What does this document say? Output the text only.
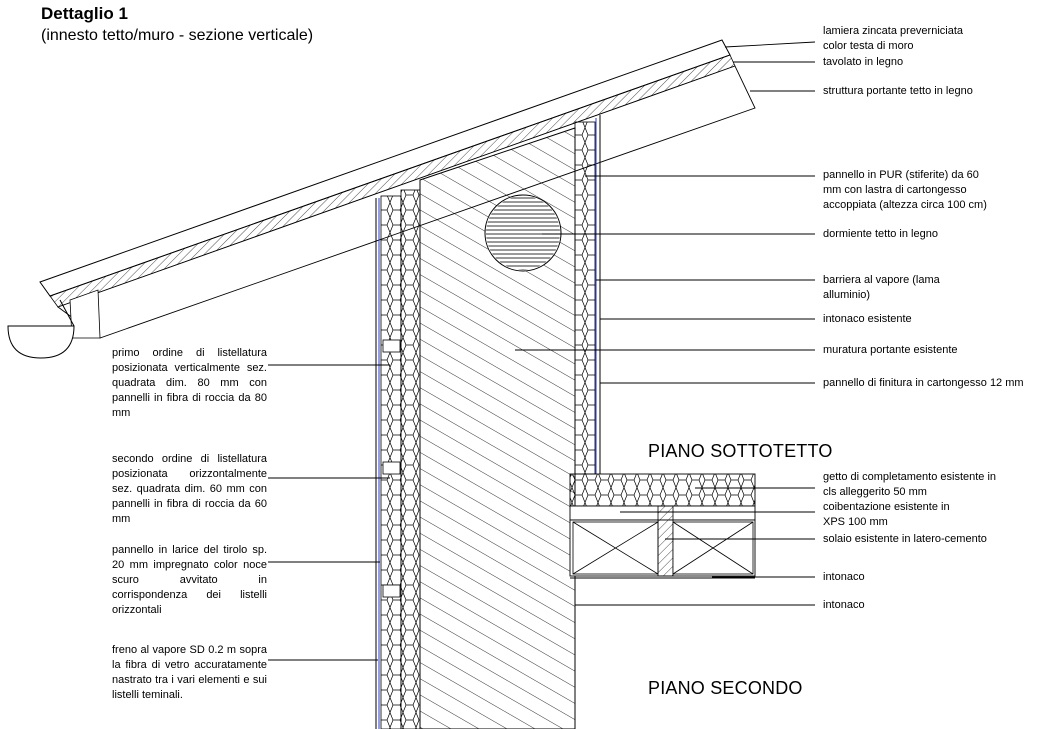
Dettaglio 1
(innesto tetto/muro - sezione verticale)	lamiera zincata preverniciata
color testa di moro
tavolato in legno
struttura portante tetto in legno
pannello in PUR (stiferite) da 60
mm con lastra di cartongesso
accoppiata (altezza circa 100 cm)
dormiente tetto in legno
barriera al vapore (lama
alluminio)
intonaco esistente
muratura portante esistente
pannello di finitura in cartongesso 12 mm
getto di completamento esistente in
cls alleggerito 50 mm
coibentazione esistente in
XPS 100 mm
solaio esistente in latero-cemento
intonaco
intonaco
primo ordine di listellatura posizionata verticalmente sez. quadrata dim. 80 mm con pannelli in fibra di roccia da 80 mm
secondo ordine di listellatura posizionata orizzontalmente sez. quadrata dim. 60 mm con pannelli in fibra di roccia da 60 mm
pannello in larice del tirolo sp. 20 mm impregnato color noce scuro avvitato in corrispondenza dei listelli orizzontali
freno al vapore SD 0.2 m sopra la fibra di vetro accuratamente nastrato tra i vari elementi e sui listelli teminali.
PIANO SOTTOTETTO
PIANO SECONDO
